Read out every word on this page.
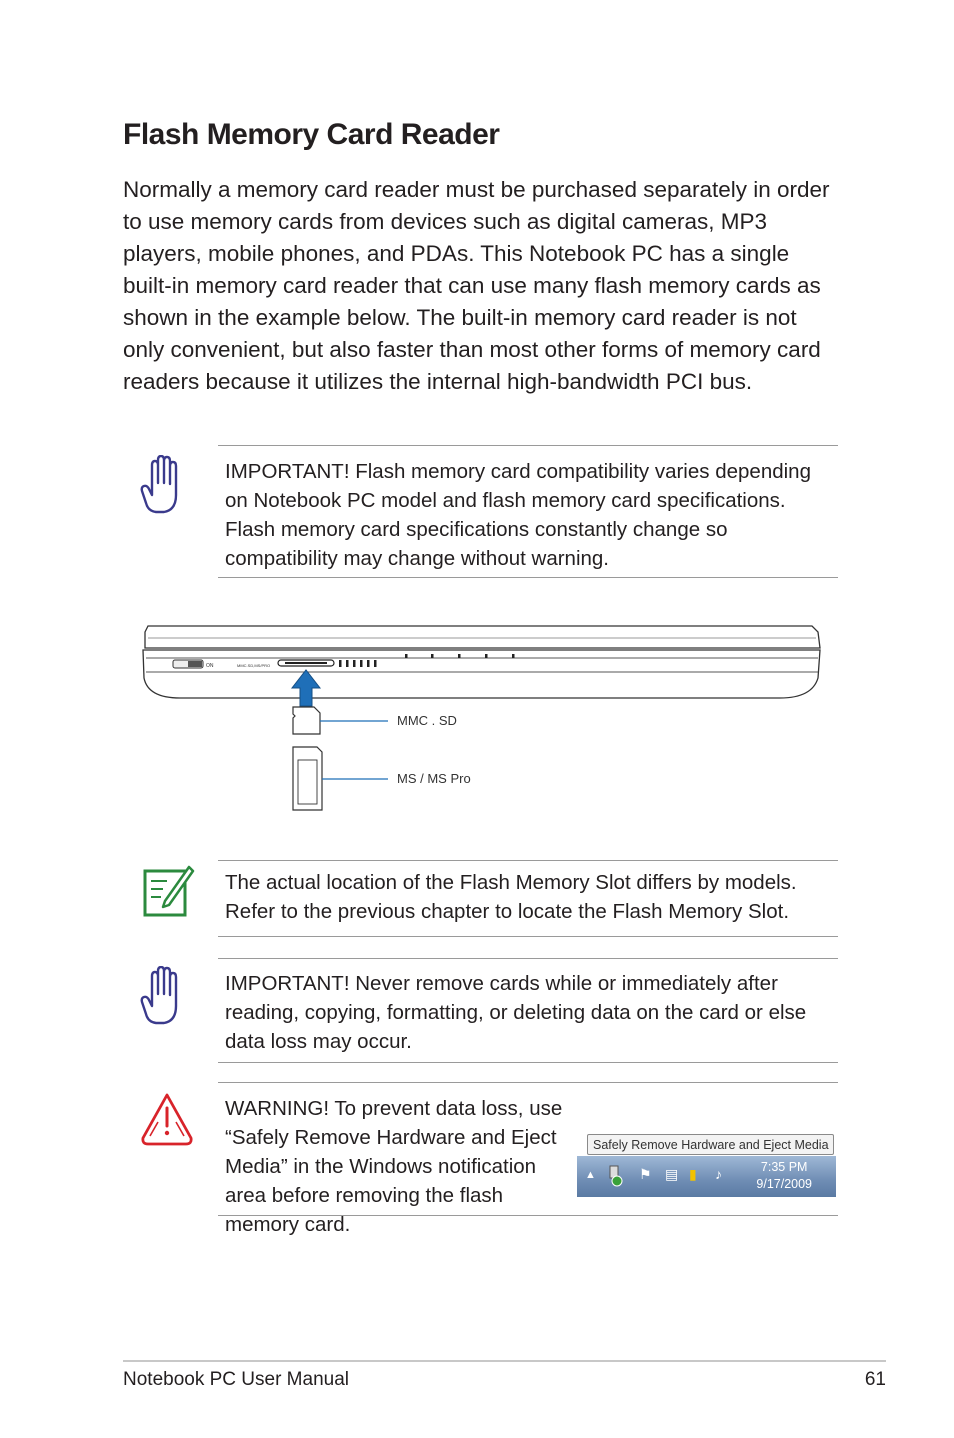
Flash Memory Card Reader

Normally a memory card reader must be purchased separately in order to use memory cards from devices such as digital cameras, MP3 players, mobile phones, and PDAs. This Notebook PC has a single built-in memory card reader that can use many flash memory cards as shown in the example below. The built-in memory card reader is not only convenient, but also faster than most other forms of memory card readers because it utilizes the internal high-bandwidth PCI bus.

IMPORTANT! Flash memory card compatibility varies depending on Notebook PC model and flash memory card specifications. Flash memory card specifications constantly change so compatibility may change without warning.

ON	MMC.SD,MS/PRO
MMC . SD
MS / MS Pro

The actual location of the Flash Memory Slot differs by models. Refer to the previous chapter to locate the Flash Memory Slot.

IMPORTANT! Never remove cards while or immediately after reading, copying, formatting, or deleting data on the card or else data loss may occur.

WARNING! To prevent data loss, use “Safely Remove Hardware and Eject Media” in the Windows notification area before removing the flash memory card.

Safely Remove Hardware and Eject Media
▲	⚑ ▤ ▮ ♪	7:35 PM
9/17/2009
Notebook PC User Manual	61
